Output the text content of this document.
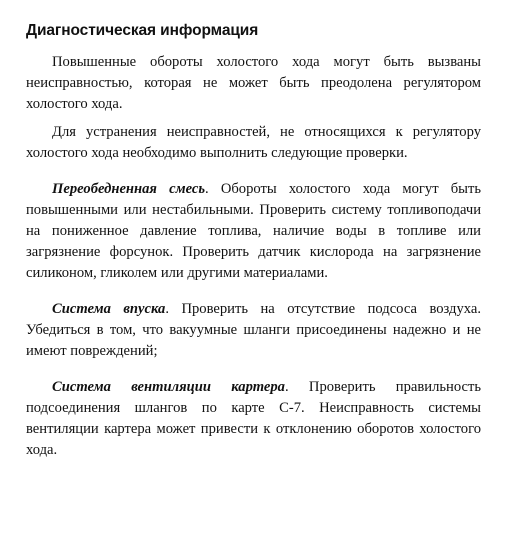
Диагностическая информация

Повышенные обороты холостого хода могут быть вызваны неисправностью, которая не может быть преодолена регулятором холостого хода.

Для устранения неисправностей, не относящихся к регулятору холостого хода необходимо выполнить следующие проверки.

Переобедненная смесь. Обороты холостого хода могут быть повышенными или нестабильными. Проверить систему топливоподачи на пониженное давление топлива, наличие воды в топливе или загрязнение форсунок. Проверить датчик кислорода на загрязнение силиконом, гликолем или другими материалами.

Система впуска. Проверить на отсутствие подсоса воздуха. Убедиться в том, что вакуумные шланги присоединены надежно и не имеют повреждений;

Система вентиляции картера. Проверить правильность подсоединения шлангов по карте С-7. Неисправность системы вентиляции картера может привести к отклонению оборотов холостого хода.
